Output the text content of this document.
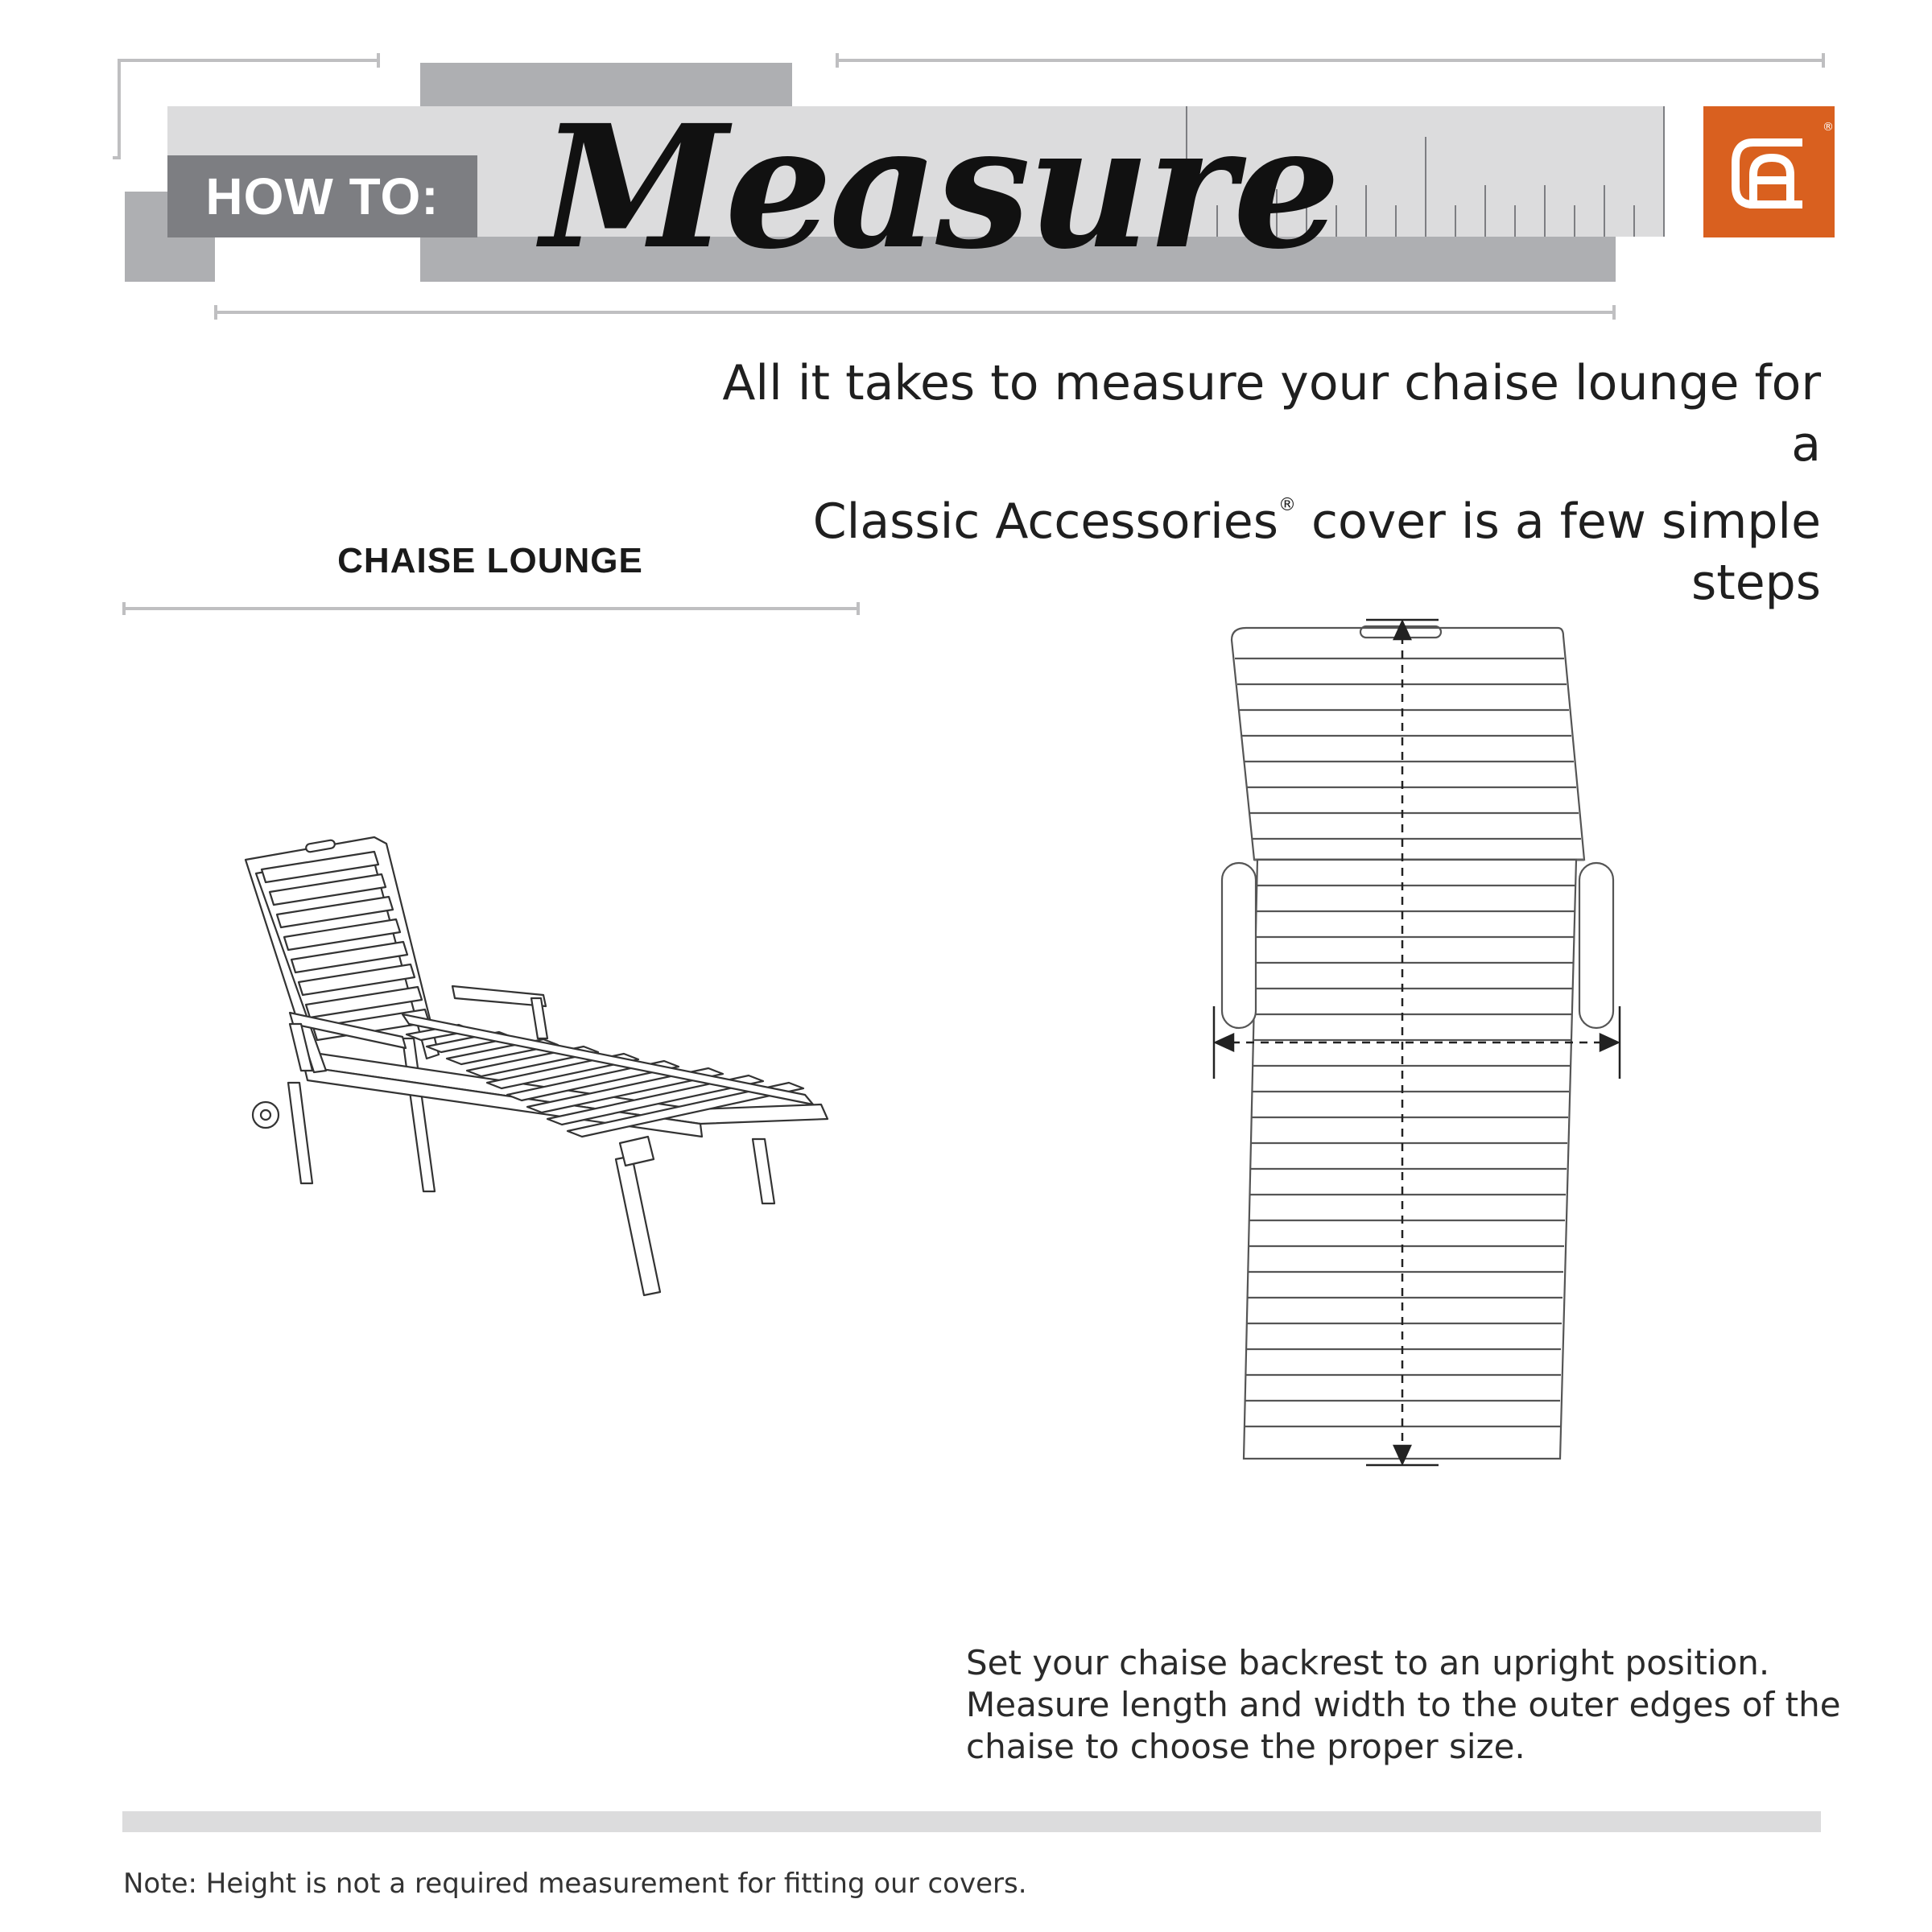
HOW TO: Measure	®
All it takes to measure your chaise lounge for a
Classic Accessories® cover is a few simple steps
CHAISE LOUNGE
Set your chaise backrest to an upright position.
Measure length and width to the outer edges of the
chaise to choose the proper size.
Note: Height is not a required measurement for fitting our covers.
